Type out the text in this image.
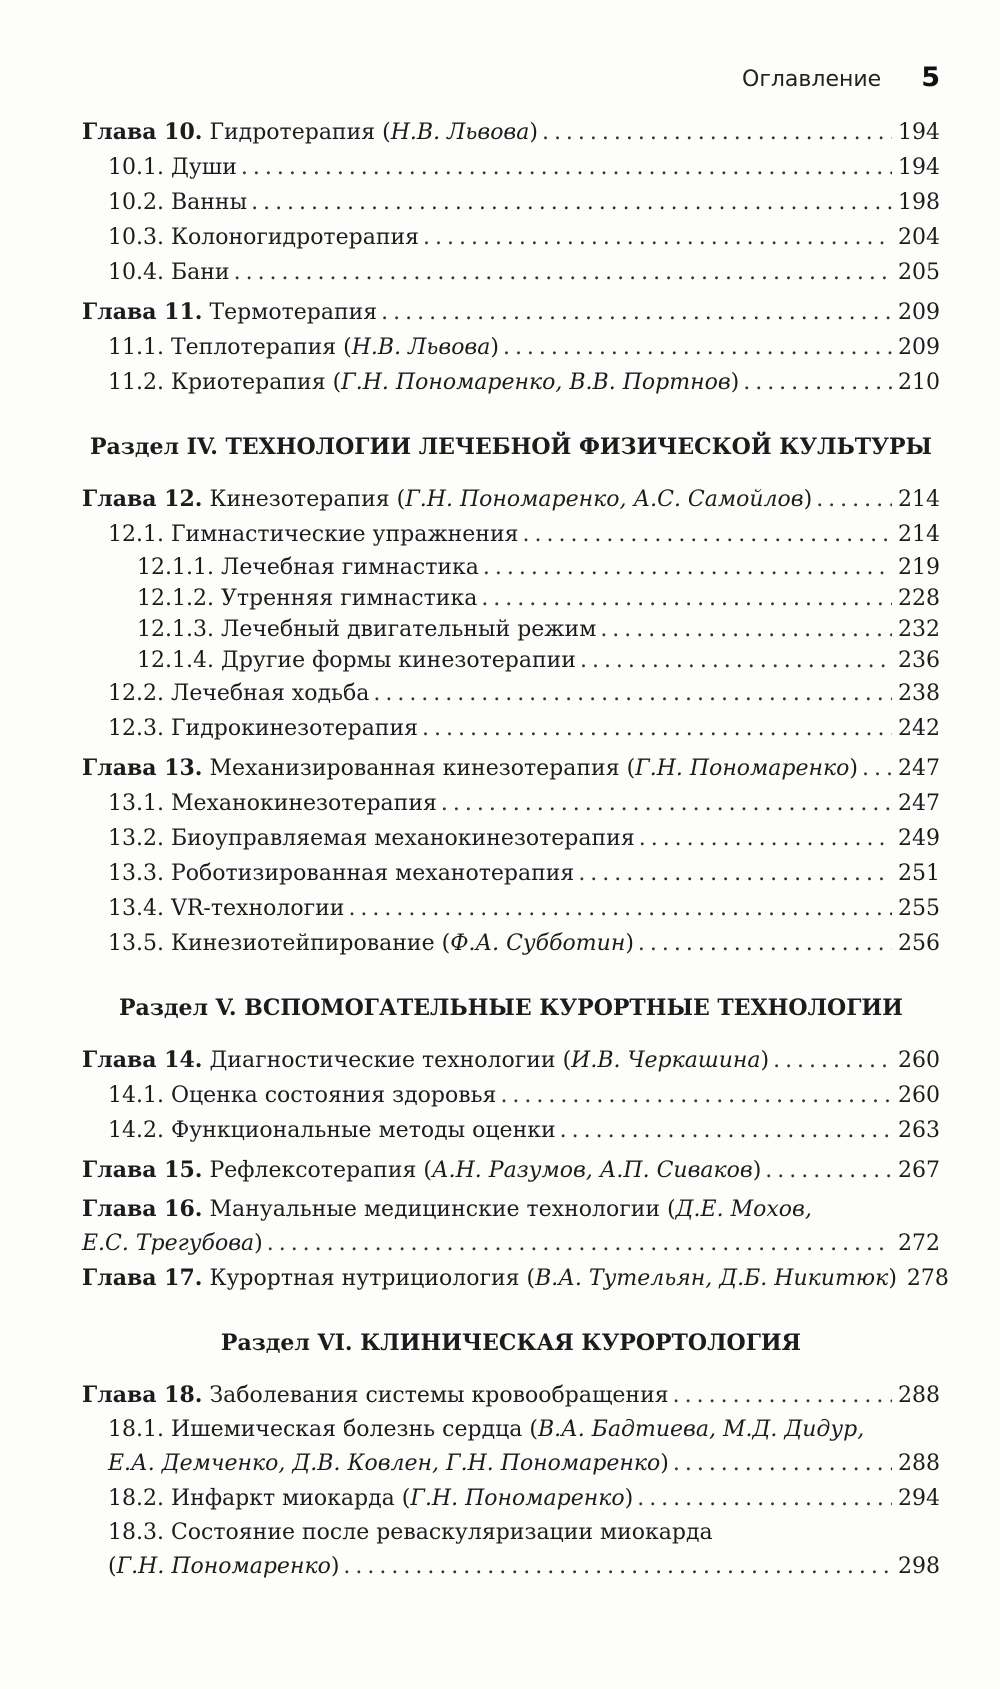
Оглавление 5
Глава 10. Гидротерапия (Н.В. Львова) . . .	194
10.1. Души . . .	194
10.2. Ванны . . .	198
10.3. Колоногидротерапия . . .	204
10.4. Бани . . .	205
Глава 11. Термотерапия . . .	209
11.1. Теплотерапия (Н.В. Львова) . . .	209
11.2. Криотерапия (Г.Н. Пономаренко, В.В. Портнов) . . .	210
Раздел IV. ТЕХНОЛОГИИ ЛЕЧЕБНОЙ ФИЗИЧЕСКОЙ КУЛЬТУРЫ
Глава 12. Кинезотерапия (Г.Н. Пономаренко, А.С. Самойлов) . . .	214
12.1. Гимнастические упражнения . . .	214
12.1.1. Лечебная гимнастика . . .	219
12.1.2. Утренняя гимнастика . . .	228
12.1.3. Лечебный двигательный режим . . .	232
12.1.4. Другие формы кинезотерапии . . .	236
12.2. Лечебная ходьба . . .	238
12.3. Гидрокинезотерапия . . .	242
Глава 13. Механизированная кинезотерапия (Г.Н. Пономаренко) . . . 247
13.1. Механокинезотерапия . . .	247
13.2. Биоуправляемая механокинезотерапия . . .	249
13.3. Роботизированная механотерапия . . .	251
13.4. VR-технологии . . .	255
13.5. Кинезиотейпирование (Ф.А. Субботин) . . .	256
Раздел V. ВСПОМОГАТЕЛЬНЫЕ КУРОРТНЫЕ ТЕХНОЛОГИИ
Глава 14. Диагностические технологии (И.В. Черкашина) . . .	260
14.1. Оценка состояния здоровья . . .	260
14.2. Функциональные методы оценки . . .	263
Глава 15. Рефлексотерапия (А.Н. Разумов, А.П. Сиваков) . . .	267
Глава 16. Мануальные медицинские технологии (Д.Е. Мохов,
Е.С. Трегубова) . . .	272
Глава 17. Курортная нутрициология (В.А. Тутельян, Д.Б. Никитюк) 278
Раздел VI. КЛИНИЧЕСКАЯ КУРОРТОЛОГИЯ
Глава 18. Заболевания системы кровообращения . . .	288
18.1. Ишемическая болезнь сердца (В.А. Бадтиева, М.Д. Дидур,
Е.А. Демченко, Д.В. Ковлен, Г.Н. Пономаренко) . . .	288
18.2. Инфаркт миокарда (Г.Н. Пономаренко) . . .	294
18.3. Состояние после реваскуляризации миокарда
(Г.Н. Пономаренко) . . .	298
